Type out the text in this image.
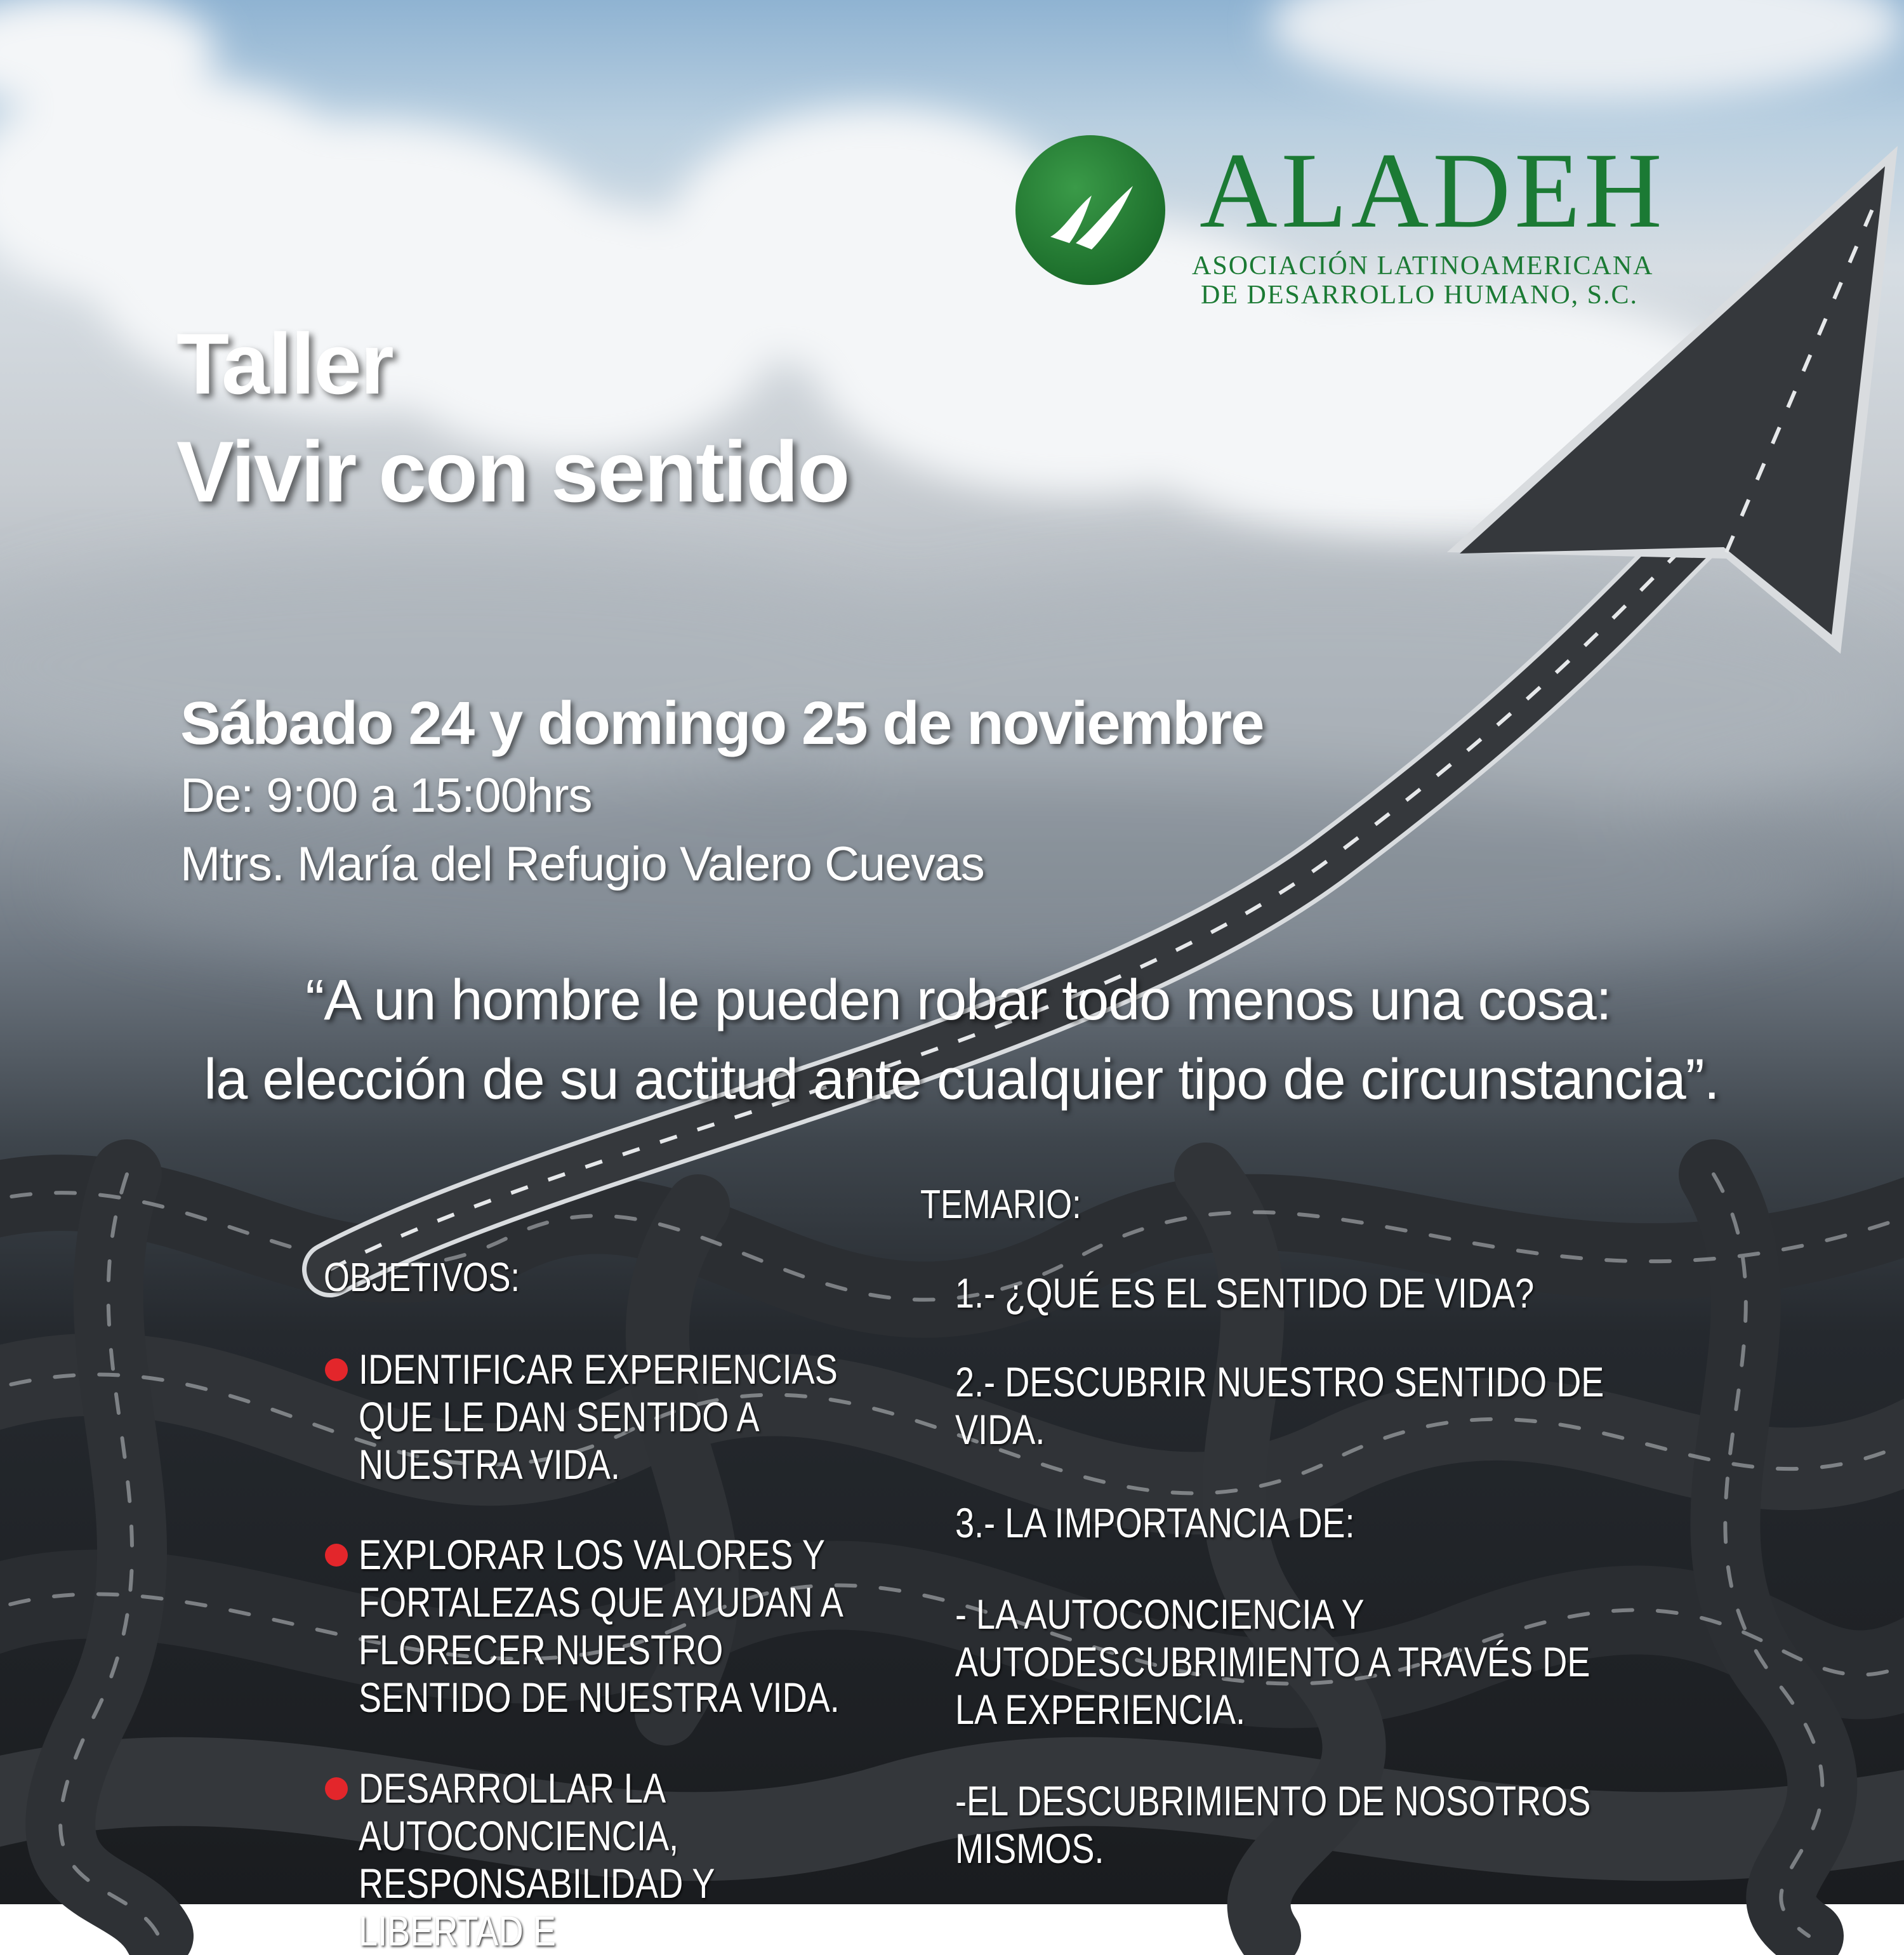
ALADEH
ASOCIACIÓN LATINOAMERICANA
DE DESARROLLO HUMANO, S.C.
Taller
Vivir con sentido
Sábado 24 y domingo 25 de noviembre
De: 9:00 a 15:00hrs
Mtrs. María del Refugio Valero Cuevas
“A un hombre le pueden robar todo menos una cosa:
la elección de su actitud ante cualquier tipo de circunstancia”.
OBJETIVOS:
IDENTIFICAR EXPERIENCIAS QUE LE DAN SENTIDO A NUESTRA VIDA.
EXPLORAR LOS VALORES Y FORTALEZAS QUE AYUDAN A FLORECER NUESTRO SENTIDO DE NUESTRA VIDA.
DESARROLLAR LA AUTOCONCIENCIA, RESPONSABILIDAD Y LIBERTAD E
TEMARIO:
1.- ¿QUÉ ES EL SENTIDO DE VIDA?
2.- DESCUBRIR NUESTRO SENTIDO DE VIDA.
3.- LA IMPORTANCIA DE:
- LA AUTOCONCIENCIA Y AUTODESCUBRIMIENTO A TRAVÉS DE LA EXPERIENCIA.
-EL DESCUBRIMIENTO DE NOSOTROS MISMOS.
